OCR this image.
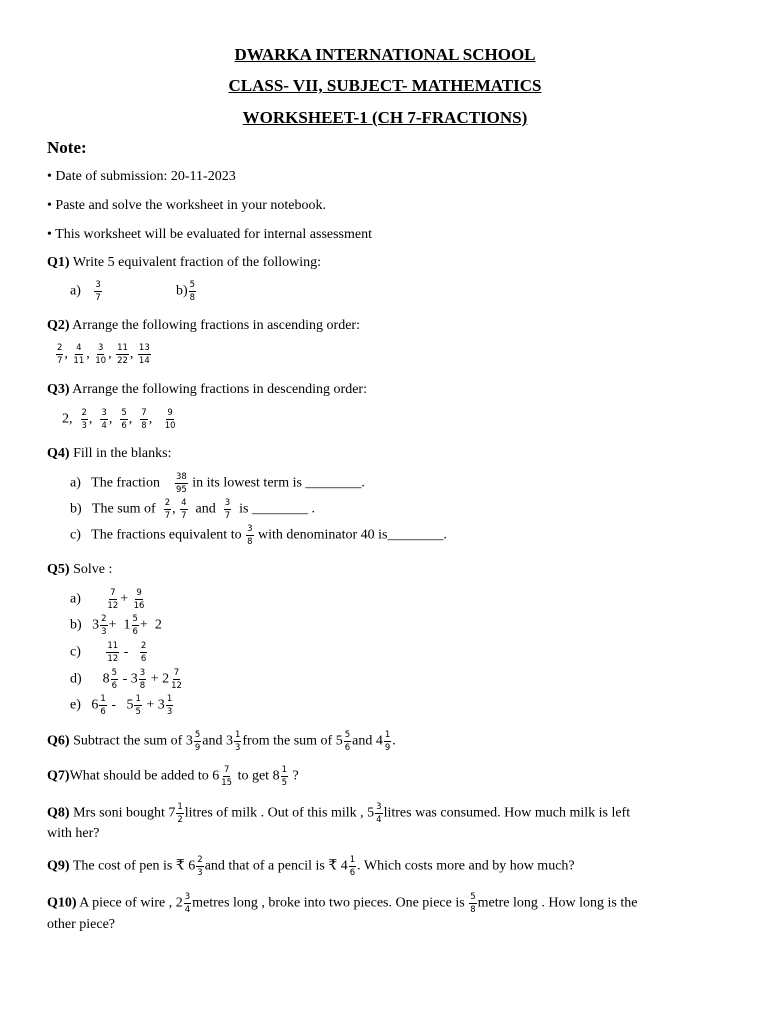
DWARKA INTERNATIONAL SCHOOL
CLASS- VII, SUBJECT- MATHEMATICS
WORKSHEET-1 (CH 7-FRACTIONS)
Note:
• Date of submission: 20-11-2023
• Paste and solve the worksheet in your notebook.
• This worksheet will be evaluated for internal assessment
Q1) Write 5 equivalent fraction of the following:
$a) \frac{3}{7}$	$b) \frac{5}{8}$
Q2) Arrange the following fractions in ascending order:
$\frac{2}{7}$ , $\frac{4}{11}$ , $\frac{3}{10}$ , $\frac{11}{22}$ , $\frac{13}{14}$
Q3) Arrange the following fractions in descending order:
2, $\frac{2}{3}$ , $\frac{3}{4}$ , $\frac{5}{6}$ , $\frac{7}{8}$ , $\frac{9}{10}$
Q4) Fill in the blanks:
a) The fraction $\frac{38}{95}$ in its lowest term is ________.
b) The sum of $\frac{2}{7}$ , $\frac{4}{7}$ and $\frac{3}{7}$ is ________ .
c) The fractions equivalent to $\frac{3}{8}$ with denominator 40 is________.
Q5) Solve :
a)	$\frac{7}{12} + \frac{9}{16}$
b) $3 \frac{2}{3} + 1 \frac{5}{6} + 2$
c)	$\frac{11}{12} - \frac{2}{6}$
d) $8 \frac{5}{6} - 3 \frac{3}{8} + 2 \frac{7}{12}$
e) $6 \frac{1}{6} - 5 \frac{1}{5} + 3 \frac{1}{3}$
Q6) Subtract the sum of $3 \frac{5}{9}$ and $3 \frac{1}{3}$ from the sum of $5 \frac{5}{6}$ and $4 \frac{1}{9}$ .
Q7)What should be added to $6 \frac{7}{15}$ to get $8 \frac{1}{5}$ ?
Q8) Mrs soni bought $7 \frac{1}{2}$ litres of milk . Out of this milk , $5 \frac{3}{4}$ litres was consumed. How much milk is left
with her?
Q9) The cost of pen is ₹ $6 \frac{2}{3}$ and that of a pencil is ₹ $4 \frac{1}{6}$ . Which costs more and by how much?
Q10) A piece of wire , $2 \frac{3}{4}$ metres long , broke into two pieces. One piece is $\frac{5}{8}$ metre long . How long is the
other piece?
